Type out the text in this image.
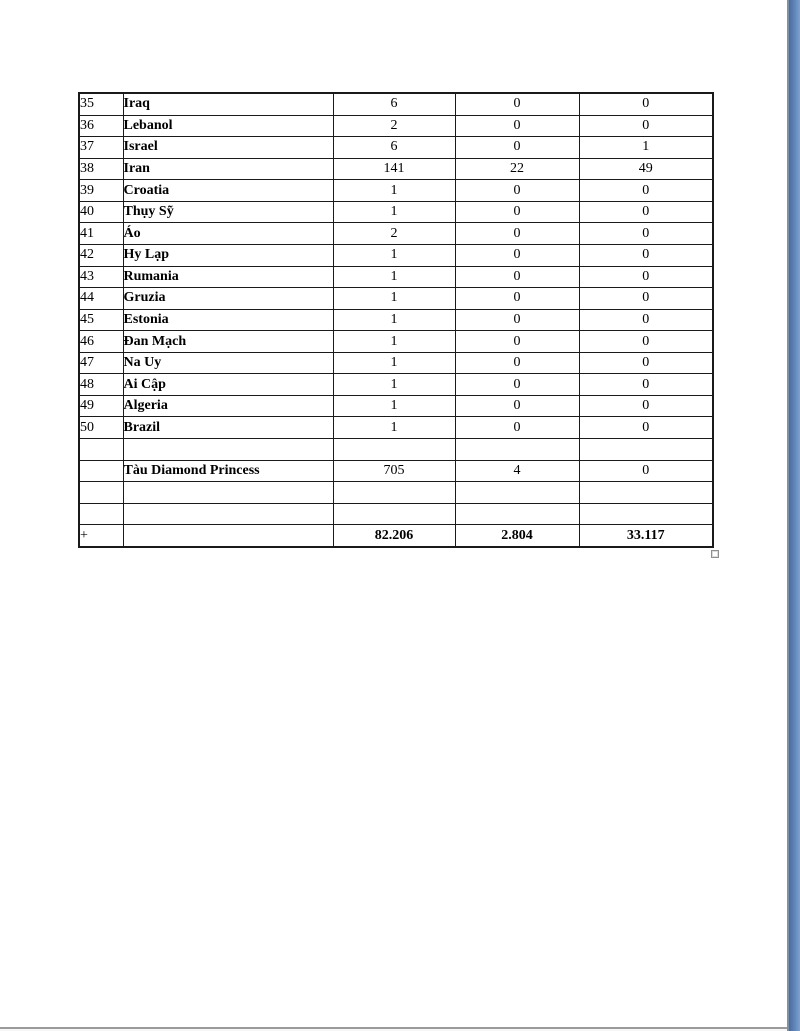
35	Iraq	6	0	0
36	Lebanol	2	0	0
37	Israel	6	0	1
38	Iran	141	22	49
39	Croatia	1	0	0
40	Thụy Sỹ	1	0	0
41	Áo	2	0	0
42	Hy Lạp	1	0	0
43	Rumania	1	0	0
44	Gruzia	1	0	0
45	Estonia	1	0	0
46	Đan Mạch	1	0	0
47	Na Uy	1	0	0
48	Ai Cập	1	0	0
49	Algeria	1	0	0
50	Brazil	1	0	0

	Tàu Diamond Princess	705	4	0

+		82.206	2.804	33.117
